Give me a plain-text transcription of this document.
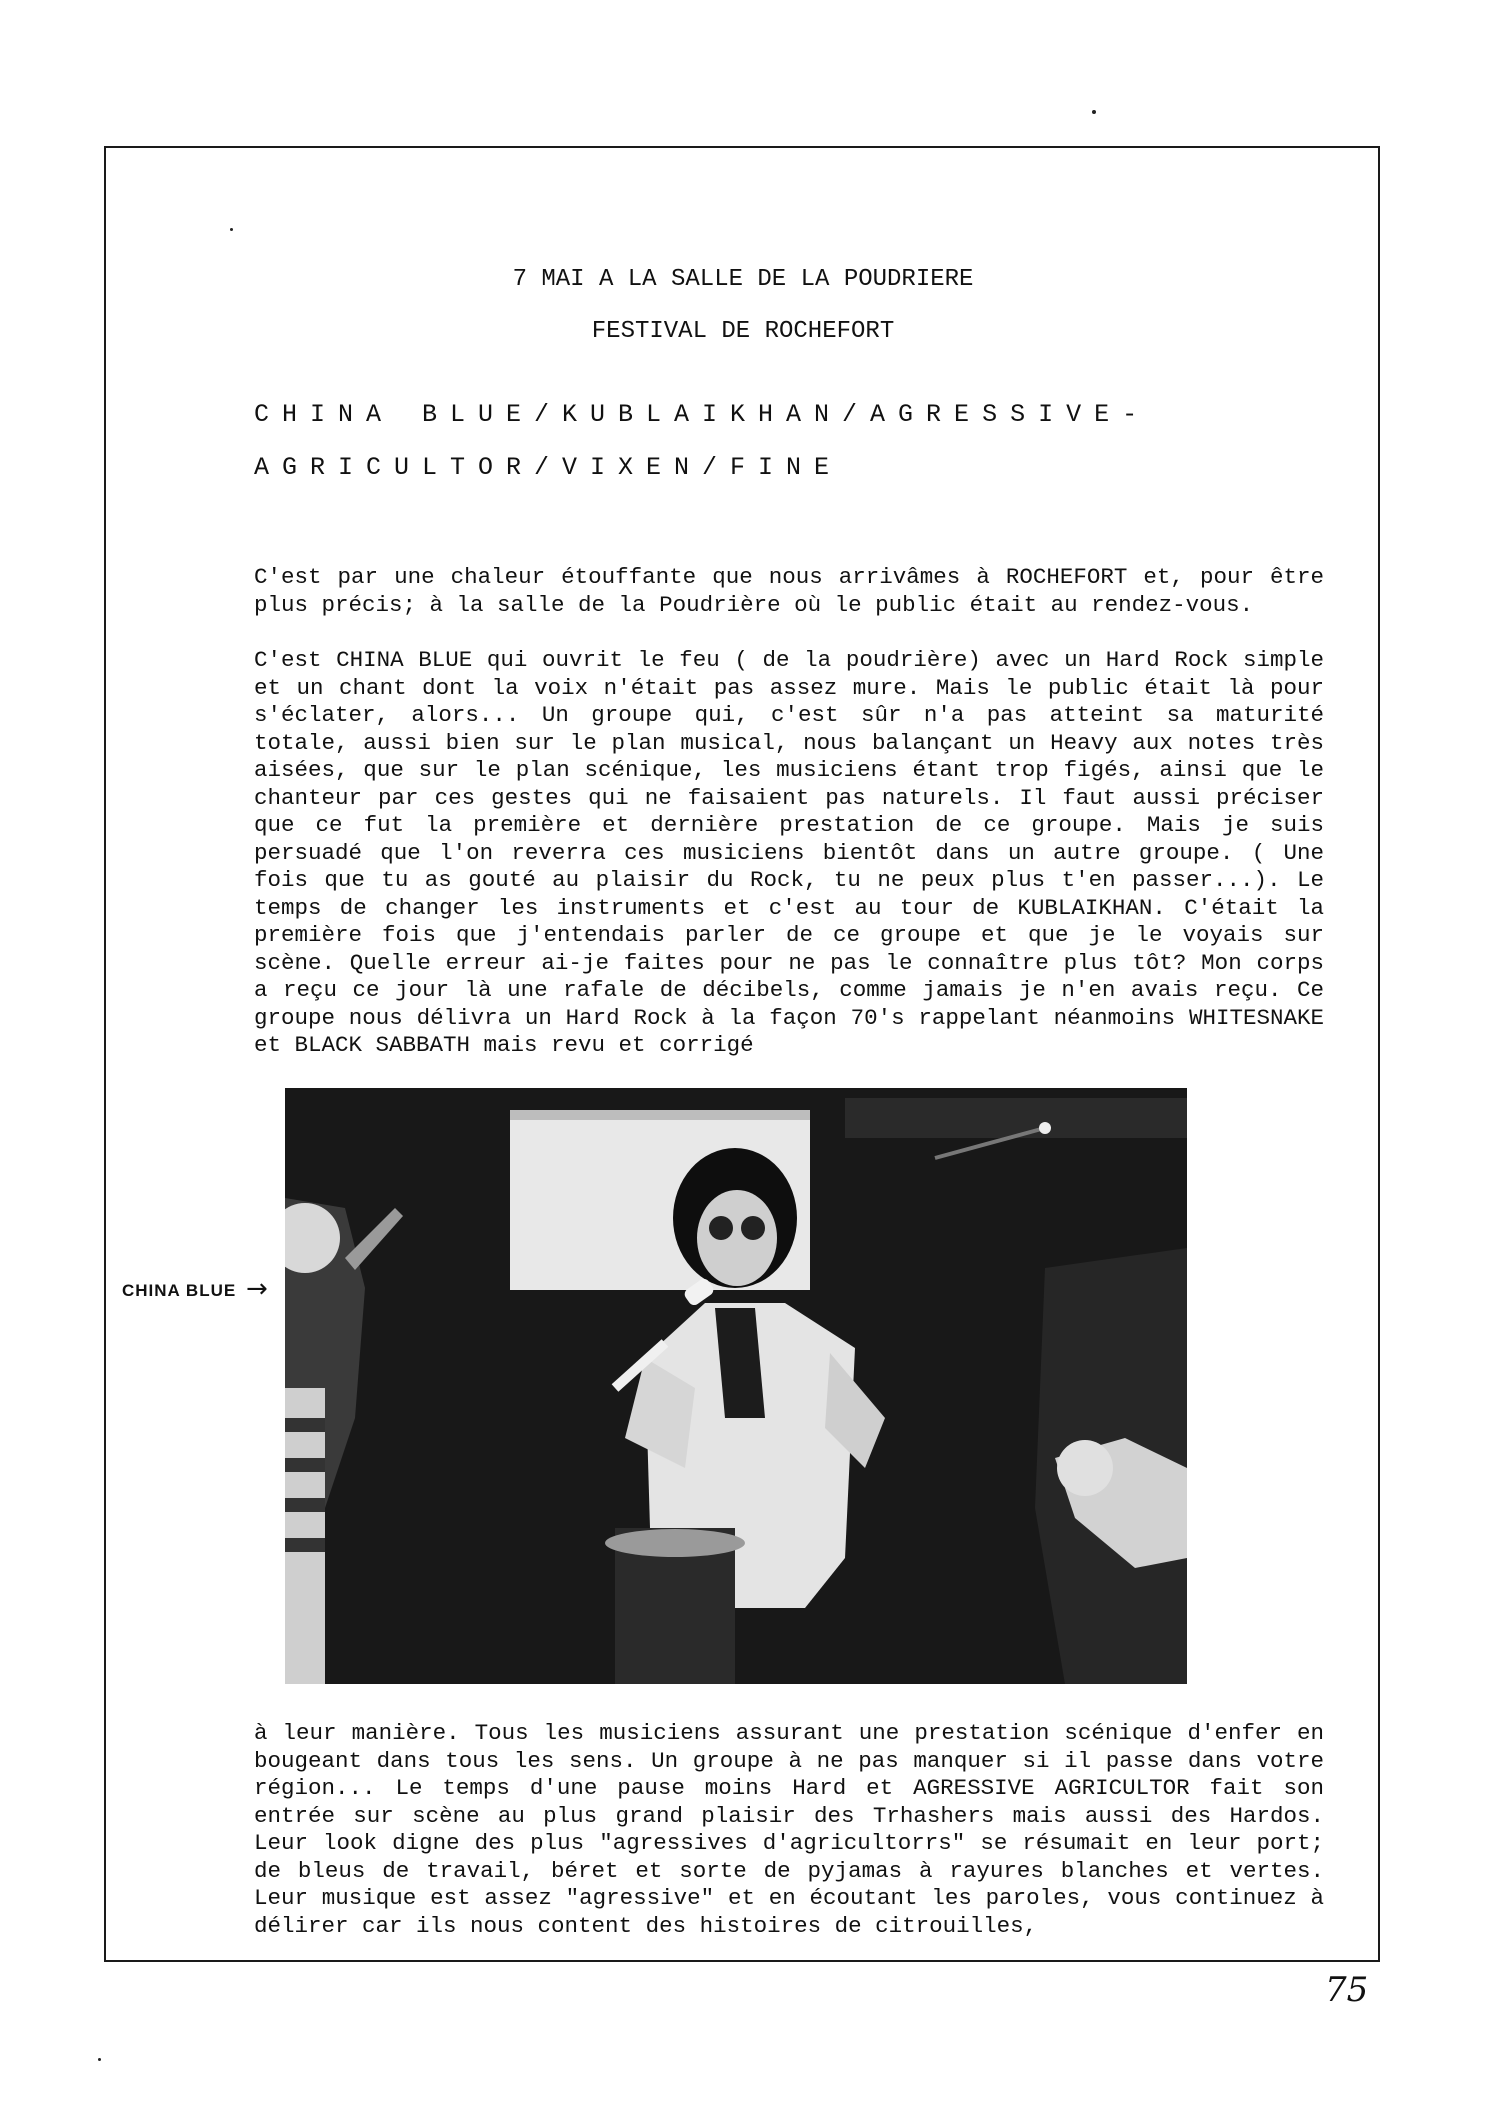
7 MAI A LA SALLE DE LA POUDRIERE
FESTIVAL DE ROCHEFORT
CHINA BLUE/KUBLAIKHAN/AGRESSIVE-
AGRICULTOR/VIXEN/FINE

C'est par une chaleur étouffante que nous arrivâmes à ROCHEFORT et, pour être plus précis; à la salle de la Poudrière où le public était au rendez-vous.

C'est CHINA BLUE qui ouvrit le feu ( de la poudrière) avec un Hard Rock simple et un chant dont la voix n'était pas assez mure. Mais le public était là pour s'éclater, alors... Un groupe qui, c'est sûr n'a pas atteint sa maturité totale, aussi bien sur le plan musical, nous balançant un Heavy aux notes très aisées, que sur le plan scénique, les musiciens étant trop figés, ainsi que le chanteur par ces gestes qui ne faisaient pas naturels. Il faut aussi préciser que ce fut la première et dernière prestation de ce groupe. Mais je suis persuadé que l'on reverra ces musiciens bientôt dans un autre groupe. ( Une fois que tu as gouté au plaisir du Rock, tu ne peux plus t'en passer...). Le temps de changer les instruments et c'est au tour de KUBLAIKHAN. C'était la première fois que j'entendais parler de ce groupe et que je le voyais sur scène. Quelle erreur ai-je faites pour ne pas le connaître plus tôt? Mon corps a reçu ce jour là une rafale de décibels, comme jamais je n'en avais reçu. Ce groupe nous délivra un Hard Rock à la façon 70's rappelant néanmoins WHITESNAKE et BLACK SABBATH mais revu et corrigé

CHINA BLUE →

à leur manière. Tous les musiciens assurant une prestation scénique d'enfer en bougeant dans tous les sens. Un groupe à ne pas manquer si il passe dans votre région... Le temps d'une pause moins Hard et AGRESSIVE AGRICULTOR fait son entrée sur scène au plus grand plaisir des Trhashers mais aussi des Hardos. Leur look digne des plus "agressives d'agricultorrs" se résumait en leur port; de bleus de travail, béret et sorte de pyjamas à rayures blanches et vertes. Leur musique est assez "agressive" et en écoutant les paroles, vous continuez à délirer car ils nous content des histoires de citrouilles,

75
